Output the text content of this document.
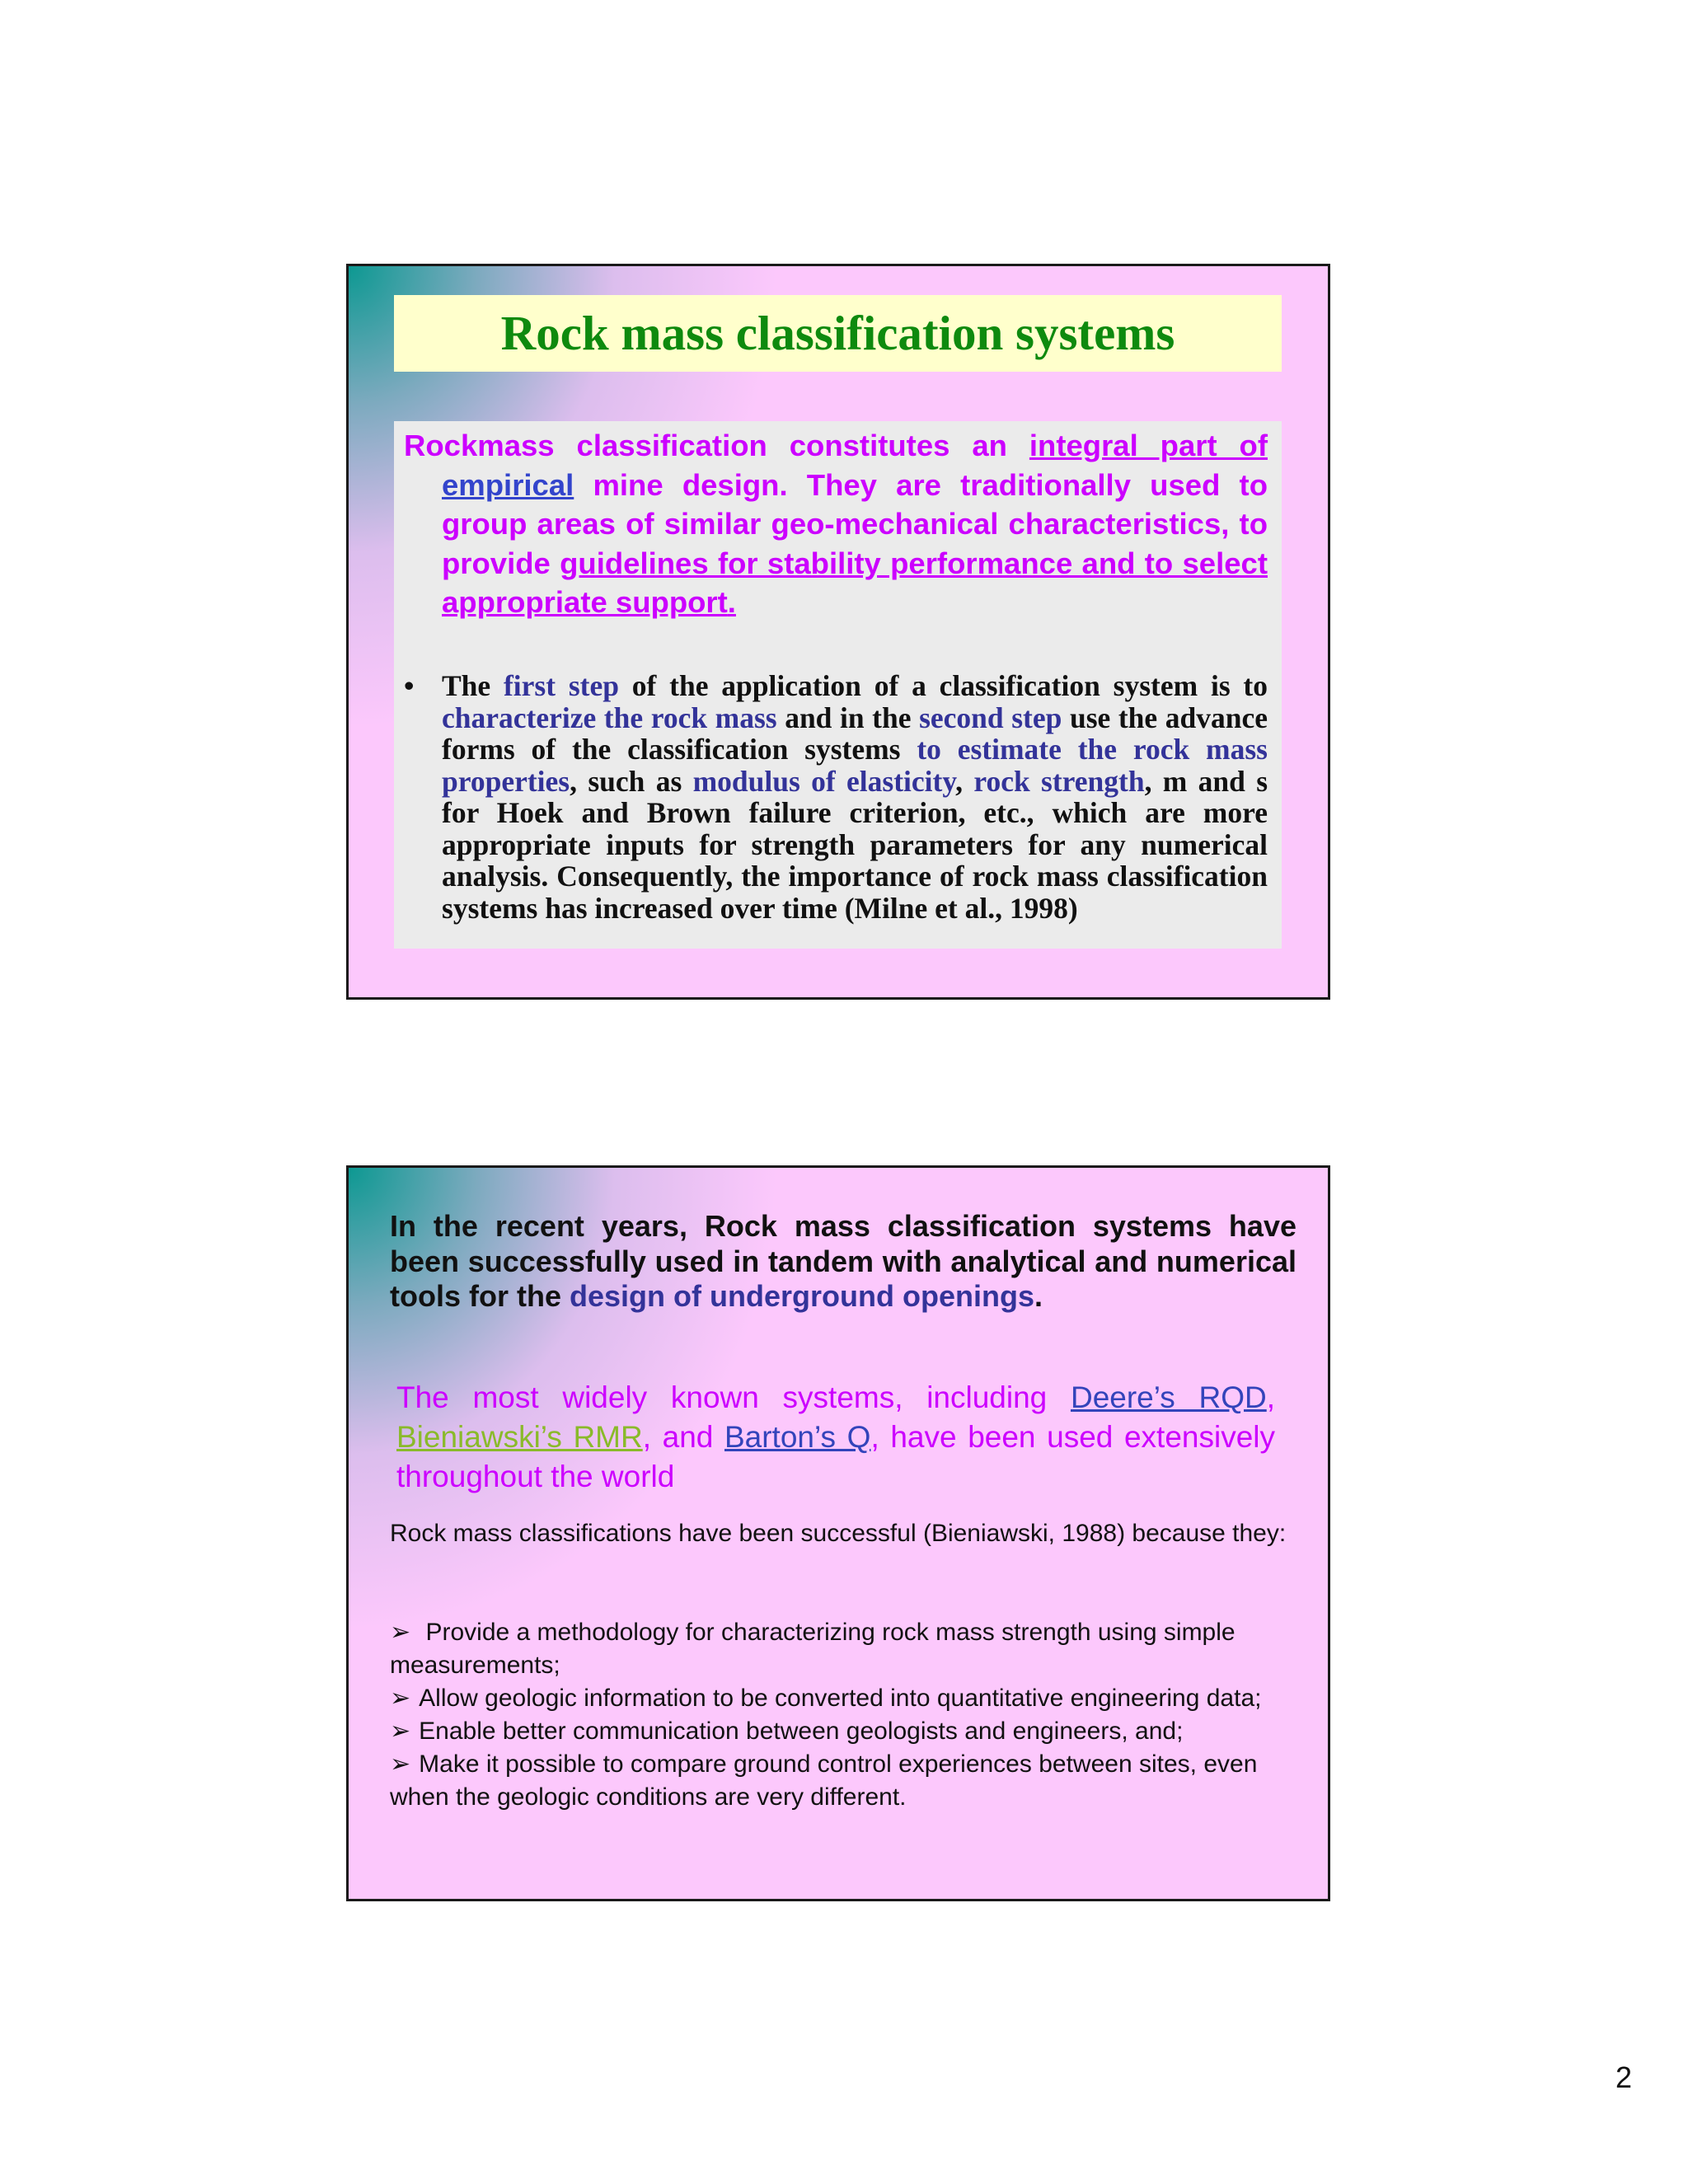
Rock mass classification systems

Rockmass classification constitutes an integral part of empirical mine design. They are traditionally used to group areas of similar geo-mechanical characteristics, to provide guidelines for stability performance and to select appropriate support.

• The first step of the application of a classification system is to characterize the rock mass and in the second step use the advance forms of the classification systems to estimate the rock mass properties, such as modulus of elasticity, rock strength, m and s for Hoek and Brown failure criterion, etc., which are more appropriate inputs for strength parameters for any numerical analysis. Consequently, the importance of rock mass classification systems has increased over time (Milne et al., 1998)

In the recent years, Rock mass classification systems have been successfully used in tandem with analytical and numerical tools for the design of underground openings.

The most widely known systems, including Deere’s RQD, Bieniawski’s RMR, and Barton’s Q, have been used extensively throughout the world

Rock mass classifications have been successful (Bieniawski, 1988) because they:

➢ Provide a methodology for characterizing rock mass strength using simple measurements;
➢ Allow geologic information to be converted into quantitative engineering data;
➢ Enable better communication between geologists and engineers, and;
➢ Make it possible to compare ground control experiences between sites, even when the geologic conditions are very different.
2
